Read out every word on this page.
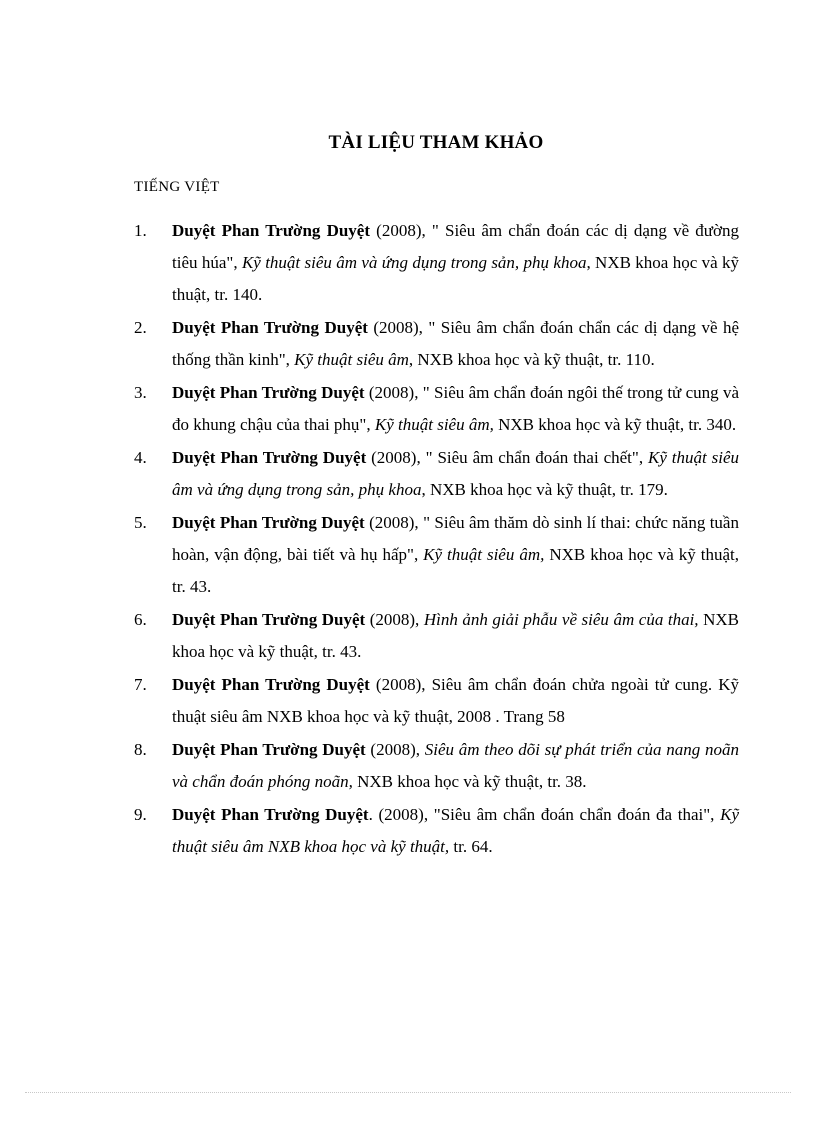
TÀI LIỆU THAM KHẢO
TIẾNG VIỆT
1. Duyệt Phan Trường Duyệt (2008), " Siêu âm chẩn đoán các dị dạng về đường tiêu húa", Kỹ thuật siêu âm và ứng dụng trong sản, phụ khoa, NXB khoa học và kỹ thuật, tr. 140.
2. Duyệt Phan Trường Duyệt (2008), " Siêu âm chẩn đoán chẩn các dị dạng về hệ thống thần kinh", Kỹ thuật siêu âm, NXB khoa học và kỹ thuật, tr. 110.
3. Duyệt Phan Trường Duyệt (2008), " Siêu âm chẩn đoán ngôi thế trong tử cung và đo khung chậu của thai phụ", Kỹ thuật siêu âm, NXB khoa học và kỹ thuật, tr. 340.
4. Duyệt Phan Trường Duyệt (2008), " Siêu âm chẩn đoán thai chết", Kỹ thuật siêu âm và ứng dụng trong sản, phụ khoa, NXB khoa học và kỹ thuật, tr. 179.
5. Duyệt Phan Trường Duyệt (2008), " Siêu âm thăm dò sinh lí thai: chức năng tuần hoàn, vận động, bài tiết và hụ hấp", Kỹ thuật siêu âm, NXB khoa học và kỹ thuật, tr. 43.
6. Duyệt Phan Trường Duyệt (2008), Hình ảnh giải phẫu về siêu âm của thai, NXB khoa học và kỹ thuật, tr. 43.
7. Duyệt Phan Trường Duyệt (2008), Siêu âm chẩn đoán chửa ngoài tử cung. Kỹ thuật siêu âm NXB khoa học và kỹ thuật, 2008 . Trang 58
8. Duyệt Phan Trường Duyệt (2008), Siêu âm theo dõi sự phát triển của nang noãn và chẩn đoán phóng noãn, NXB khoa học và kỹ thuật, tr. 38.
9. Duyệt Phan Trường Duyệt. (2008), "Siêu âm chẩn đoán chẩn đoán đa thai", Kỹ thuật siêu âm NXB khoa học và kỹ thuật, tr. 64.
